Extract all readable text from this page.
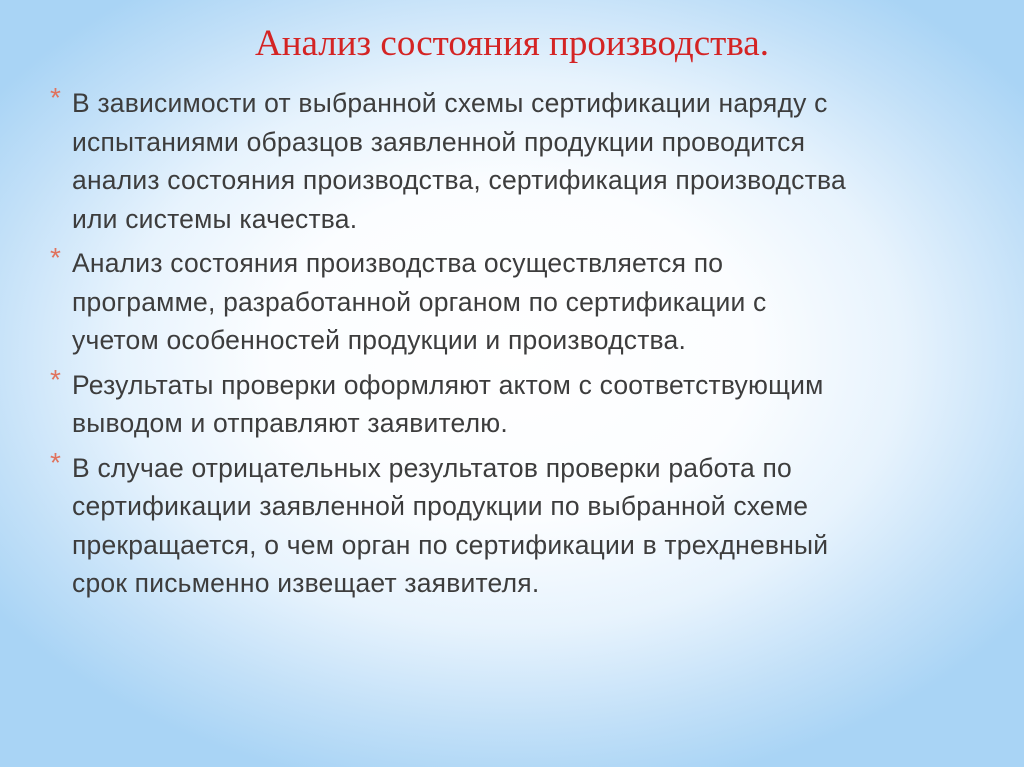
Анализ состояния производства.
* В зависимости от выбранной схемы сертификации наряду с
испытаниями образцов заявленной продукции проводится
анализ состояния производства, сертификация производства
или системы качества.
* Анализ состояния производства осуществляется по
программе, разработанной органом по сертификации с
учетом особенностей продукции и производства.
* Результаты проверки оформляют актом с соответствующим
выводом и отправляют заявителю.
* В случае отрицательных результатов проверки работа по
сертификации заявленной продукции по выбранной схеме
прекращается, о чем орган по сертификации в трехдневный
срок письменно извещает заявителя.
